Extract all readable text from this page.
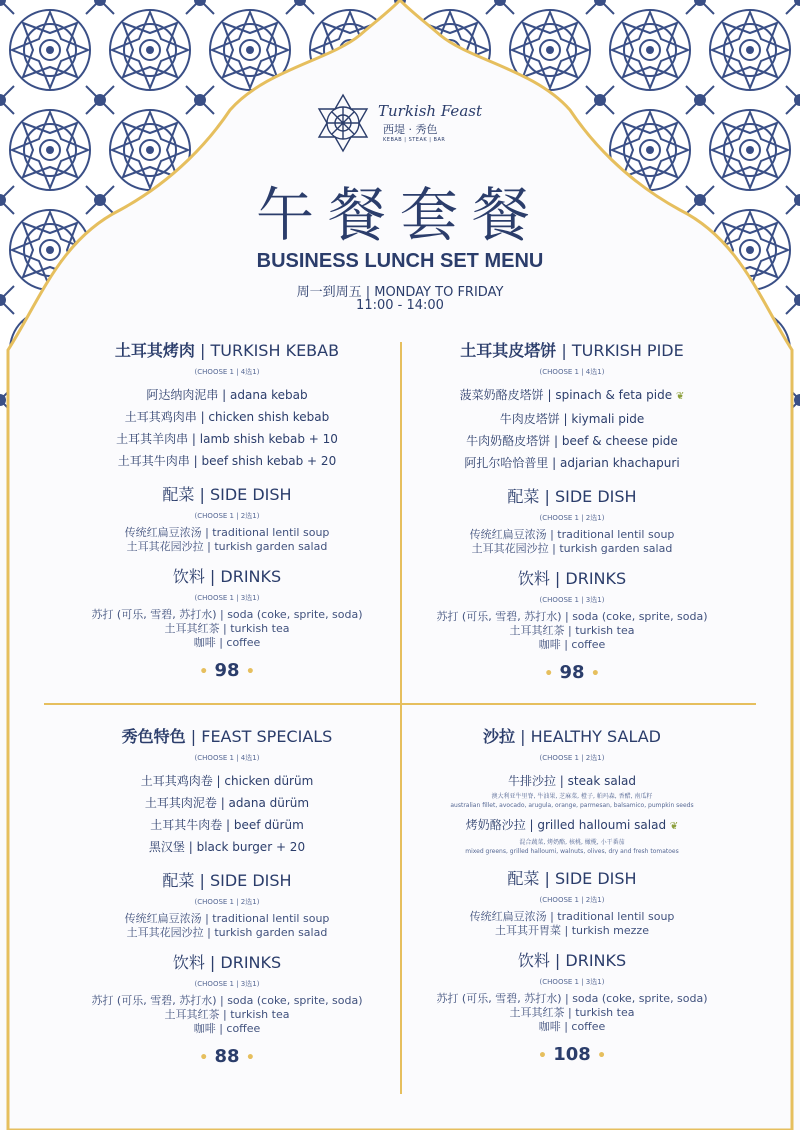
Turkish Feast
西堤 · 秀色
KEBAB | STEAK | BAR
午餐套餐
BUSINESS LUNCH SET MENU
周一到周五 | MONDAY TO FRIDAY
11:00 - 14:00
土耳其烤肉 | TURKISH KEBAB
(CHOOSE 1 | 4选1)
阿达纳肉泥串 | adana kebab
土耳其鸡肉串 | chicken shish kebab
土耳其羊肉串 | lamb shish kebab + 10
土耳其牛肉串 | beef shish kebab + 20
配菜 | SIDE DISH
(CHOOSE 1 | 2选1)
传统红扁豆浓汤 | traditional lentil soup
土耳其花园沙拉 | turkish garden salad
饮料 | DRINKS
(CHOOSE 1 | 3选1)
苏打 (可乐, 雪碧, 苏打水) | soda (coke, sprite, soda)
土耳其红茶 | turkish tea
咖啡 | coffee
• 98 •
土耳其皮塔饼 | TURKISH PIDE
(CHOOSE 1 | 4选1)
菠菜奶酪皮塔饼 | spinach & feta pide ❦
牛肉皮塔饼 | kiymali pide
牛肉奶酪皮塔饼 | beef & cheese pide
阿扎尔哈恰普里 | adjarian khachapuri
配菜 | SIDE DISH
(CHOOSE 1 | 2选1)
传统红扁豆浓汤 | traditional lentil soup
土耳其花园沙拉 | turkish garden salad
饮料 | DRINKS
(CHOOSE 1 | 3选1)
苏打 (可乐, 雪碧, 苏打水) | soda (coke, sprite, soda)
土耳其红茶 | turkish tea
咖啡 | coffee
• 98 •
秀色特色 | FEAST SPECIALS
(CHOOSE 1 | 4选1)
土耳其鸡肉卷 | chicken dürüm
土耳其肉泥卷 | adana dürüm
土耳其牛肉卷 | beef dürüm
黑汉堡 | black burger + 20
配菜 | SIDE DISH
(CHOOSE 1 | 2选1)
传统红扁豆浓汤 | traditional lentil soup
土耳其花园沙拉 | turkish garden salad
饮料 | DRINKS
(CHOOSE 1 | 3选1)
苏打 (可乐, 雪碧, 苏打水) | soda (coke, sprite, soda)
土耳其红茶 | turkish tea
咖啡 | coffee
• 88 •
沙拉 | HEALTHY SALAD
(CHOOSE 1 | 2选1)
牛排沙拉 | steak salad
澳大利亚牛里脊, 牛油果, 芝麻菜, 橙子, 帕玛森, 香醋, 南瓜籽
australian fillet, avocado, arugula, orange, parmesan, balsamico, pumpkin seeds
烤奶酪沙拉 | grilled halloumi salad ❦
混合蔬菜, 烤奶酪, 核桃, 橄榄, 小干番茄
mixed greens, grilled halloumi, walnuts, olives, dry and fresh tomatoes
配菜 | SIDE DISH
(CHOOSE 1 | 2选1)
传统红扁豆浓汤 | traditional lentil soup
土耳其开胃菜 | turkish mezze
饮料 | DRINKS
(CHOOSE 1 | 3选1)
苏打 (可乐, 雪碧, 苏打水) | soda (coke, sprite, soda)
土耳其红茶 | turkish tea
咖啡 | coffee
• 108 •
